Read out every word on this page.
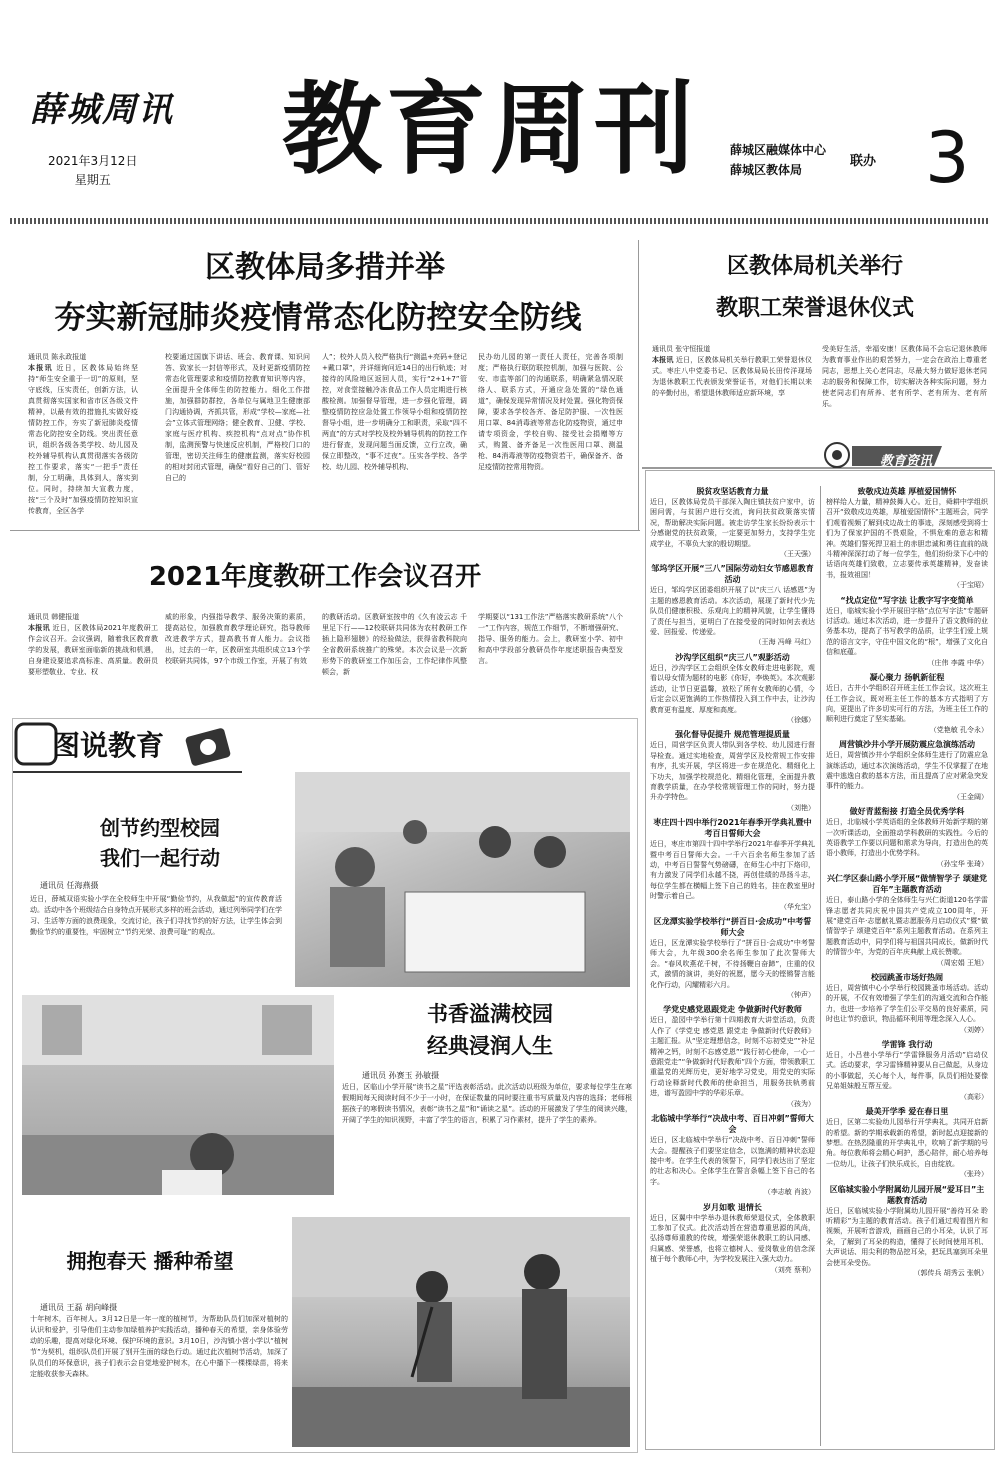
薛城周讯
2021年3月12日
星期五 教育周刊	薛城区融媒体中心
薛城区教体局
联办 3
区教体局多措并举
夯实新冠肺炎疫情常态化防控安全防线
通讯员 陈永政报道
本报讯 近日，区教体局始终坚持“师生安全重于一切”的原则，坚守底线，压实责任，创新方法，认真贯彻落实国家和省市区各级文件精神，以最有效的措施扎实做好疫情防控工作，夯实了新冠肺炎疫情常态化防控安全防线。突出责任意识，组织各级各类学校、幼儿园及校外辅导机构认真贯彻落实各级防控工作要求，落实“一把手”责任制，分工明确，具体到人，落实到位。同时，持续加大宣教力度，按“三个及时”加强疫情防控知识宣传教育，全区各学
校要通过国旗下讲话、班会、教育课、知识问答、致家长一封信等形式，及时更新疫情防控常态化管理要求和疫情防控教育知识等内容，全面提升全体师生的防控能力。细化工作措施，加强群防群控，各单位与属地卫生健康部门沟通协调，齐抓共管，形成“学校—家庭—社会”立体式管理网络；健全教育、卫健、学校、家庭与医疗机构、疾控机构“点对点”协作机制，监测预警与快速反应机制，严格校门口的管理，密切关注师生的健康监测，落实好校园的相对封闭式管理，确保“看好自己的门、管好自己的
人”；校外人员入校严格执行“测温+亮码+登记+戴口罩”，并详细询问近14日的出行轨迹；对接待的风险地区返回人员，实行“2+1+7”管控，对食堂接触冷冻食品工作人员定期进行核酸检测。加强督导管理，进一步强化管理，调整疫情防控应急处置工作领导小组和疫情防控督导小组，进一步明确分工和职责，采取“四不两直”的方式对学校及校外辅导机构的防控工作进行督查，发现问题当面反馈，立行立改，确保立即整改，“事不过夜”。压实各学校、各学校、幼儿园、校外辅导机构、
民办幼儿园的第一责任人责任，完善各项制度；严格执行联防联控机制，加强与医院、公安、市监等部门的沟通联系，明确紧急情况联络人、联系方式，开通应急处置的“绿色通道”，确保发现异常情况及时处置。强化物资保障，要求各学校各齐、备足防护服、一次性医用口罩、84消毒液等常态化防疫物资，通过申请专项资金，学校自购、接受社会捐赠等方式，购置、备齐备足一次性医用口罩、测温枪、84消毒液等防疫物资若干，确保备齐、备足疫情防控常用物资。
区教体局机关举行
教职工荣誉退休仪式
通讯员 张守恒报道
本报讯 近日，区教体局机关举行教职工荣誉退休仪式。枣庄八中党委书记、区教体局局长田传洋现场为退休教职工代表颁发荣誉证书，对他们长期以来的辛勤付出，希望退休教师适应新环境，享
受美好生活，幸福安康！区教体局不会忘记退休教师为教育事业作出的艰苦努力，一定会在政治上尊重老同志，思想上关心老同志，尽最大努力做好退休老同志的服务和保障工作，切实解决各种实际问题，努力使老同志们有所养、老有所学、老有所为、老有所乐。
教育资讯
脱贫攻坚话教育力量
近日，区教体局党员干部深入陶庄镇扶贫户家中，访困问需，与贫困户进行交流，询问扶贫政策落实情况，帮助解决实际问题。被走访学生家长纷纷表示十分感谢党的扶贫政策，一定要更加努力，支持学生完成学业，不辜负大家的殷切期望。
（王天强）
邹坞学区开展“三八”国际劳动妇女节感恩教育活动
近日，邹坞学区团委组织开展了以“庆三八 话感恩”为主题的感恩教育活动。本次活动，展现了新时代少先队员们健康积极、乐观向上的精神风貌，让学生懂得了责任与担当，更明白了在接受爱的同时如何去表达爱、回报爱、传递爱。
（王海 冯峰 马红）
沙沟学区组织“庆三八”观影活动
近日，沙沟学区工会组织全体女教师走进电影院，观看以母女情为题材的电影《你好，李焕英》。本次观影活动，让节日更温馨，放松了所有女教师的心情，今后定会以更饱满的工作热情投入到工作中去，让沙沟教育更有温度、厚度和高度。
（徐娜）
强化督导促提升 规范管理提质量
近日，周营学区负责人带队到各学校、幼儿园进行督导检查。通过实地检查，周营学区及校常规工作安排有序，扎实开展，学区将进一步在规范化、精细化上下功夫，加强学校规范化、精细化管理，全面提升教育教学质量，在办学校常规管理工作的同时，努力提升办学特色。
（刘艳）
枣庄四十四中举行2021年春季开学典礼暨中考百日誓师大会
近日，枣庄市第四十四中学举行2021年春季开学典礼暨中考百日誓师大会。一千六百余名师生参加了活动，中考百日誓誓气势磅礴，在师生心中打下烙印，有力激发了同学们永越不挠，再创佳绩的昂扬斗志，每位学生都在横幅上签下自己的姓名，挂在教室里时时警示着自己。
（华允宝）
区龙潭实验学校举行“拼百日·会成功”中考誓师大会
近日，区龙潭实验学校举行了“拼百日·会成功”中考誓师大会，九年级300余名师生参加了此次誓师大会。“春风吹燕花千树，不待扬鞭自奋蹄”，庄重的仪式，激情的演讲，美好的祝愿，愿今天的铿锵誓言能化作行动，闪耀精彩六月。
（钟声）
学党史感党恩跟党走 争做新时代好教师
近日，盈园中学举行第十四期教育大讲堂活动，负责人作了《学党史 感党恩 跟党走 争做新时代好教师》主题汇报。从“坚定理想信念，时刻不忘初党史”“补足精神之钙，时刻不忘感党恩”“践行初心使命，一心一意跟党走”“争做新时代好教师”四个方面，带领教职工重温党的光辉历史，更好地学习党史，用党史的实际行动诠释新时代教师的使命担当，用服务扶轨勇前进，谱写盈园中学的华彩乐章。
（孩为）
北临城中学举行“决战中考、百日冲刺”誓师大会
近日，区北临城中学举行“决战中考、百日冲刺”誓师大会。提醒孩子们要坚定信念，以饱满的精神状态迎接中考。在学生代表的领誓下，同学们表达出了坚定的壮志和决心。全体学生在誓言条幅上签下自己的名字。
（李志敏 肖波）
岁月如歌 退情长
近日，区翼中中学举办退休教师荣退仪式，全体教职工参加了仪式。此次活动旨在营造尊重思源的风尚，弘扬尊师重教的传统，增强荣退休教职工的认同感、归属感、荣誉感，也将立德树人、爱岗敬业的信念深植于每个教师心中，为学校发展注入强大动力。
（刘亮 蔡利）
致敬戍边英雄 厚植爱国情怀
榜样给人力量，精神鼓舞人心。近日，舜耕中学组织召开“致敬戍边英雄，厚植爱国情怀”主题班会，同学们观看视频了解到戍边战士的事迹，深刻感受到将士们为了保家护国的不畏艰险，不惧危难的意志和精神。英雄们誓死捍卫祖土的赤胆忠诚和勇往直前的战斗精神深深打动了每一位学生，他们纷纷录下心中的话语向英雄们致敬，立志要传承英雄精神，发奋读书，报效祖国！
（于宝昭）
“找点定位”写字法 让教字写字变简单
近日，临城实验小学开展田字格“点位写字法”专题研讨活动。通过本次活动，进一步提升了语文教师的业务基本功，提高了书写教学的品质，让学生们爱上规范的语言文字，守住中国文化的“根”，增强了文化自信和底蕴。
（庄伟 李霞 中华）
凝心聚力 扬帆新征程
近日，古井小学组织召开班主任工作会议，这次班主任工作会议，既对班主任工作的基本方式指明了方向，更提出了许多切实可行的方法，为班主任工作的顺利进行奠定了坚实基础。
（党艳敏 孔令永）
周营镇沙井小学开展防震应急演练活动
近日，周营镇沙井小学组织全体师生进行了防震应急演练活动，通过本次演练活动，学生不仅掌握了在地震中逃逸自救的基本方法，而且提高了应对紧急突发事件的能力。
（王金阔）
做好青蓝衔接 打造全员优秀学科
近日，北临城小学英语组的全体教师开始新学期的第一次听课活动，全面推动学科教研的实践性。今后的英语教学工作要以问题和需求为导向，打造出色的英语小教师，打造出小优势学科。
（孙宝华 张琦）
兴仁学区泰山路小学开展“做情智学子 颂建党百年”主题教育活动
近日，泰山路小学的全体师生与兴仁街道120名学雷锋志愿者共同庆祝中国共产党成立100周年，开展“建党百年·志愿献礼暨志愿服务月启动仪式”暨“做情智学子 颂建党百年”系列主题教育活动。在系列主题教育活动中，同学们将与祖国共同成长，做新时代的情智少年，为党的百年庆典献上成长赞歌。
（周宏娟 王旭）
校园跳蚤市场好热闹
近日，周营镇中心小学举行校园跳蚤市场活动。活动的开展，不仅有效增强了学生们的沟通交流和合作能力，也进一步培养了学生们公平交易的良好素质，同时也让节约意识，物品循环利用等理念深入人心。
（刘婷）
学雷锋 我行动
近日，小吕巷小学举行“学雷锋服务月活动”启动仪式。活动要求，学习雷锋精神要从自己做起，从身边的小事做起，关心每个人，每件事，队员们相处要像兄弟姐妹般互帮互爱。
（高彩）
最美开学季 爱在春日里
近日，区第二实验幼儿园举行开学典礼，共同开启新的希望。新的学期承载新的希望，新时起点迎接新的梦想。在热烈隆重的开学典礼中，吹响了新学期的号角。每位教师将会精心呵护，悉心陪伴，耐心培养每一位幼儿，让孩子们快乐成长，自由绽放。
（张玲）
区临城实验小学附属幼儿园开展“爱耳日”主题教育活动
近日，区临城实验小学附属幼儿园开展“善待耳朵 聆听精彩”为主题的教育活动。孩子们通过观看图片和视频，开展听音游戏，画画自己的小耳朵，认识了耳朵，了解到了耳朵的构造，懂得了长时间使用耳机、大声说话、用尖利的物品挖耳朵，把玩具塞到耳朵里会使耳朵受伤。
（郭传兵 胡秀云 张帆）
2021年度教研工作会议召开
通讯员 韩健报道
本报讯 近日，区教体局2021年度教研工作会议召开。会议强调，随着我区教育教学的发展，教研室面临新的挑战和机遇，自身建设要追求高标准、高质量。教研员要形塑敬业、专业、权
威的形象，内强指导教学、服务决策的素质，提高站位，加强教育教学理论研究，指导教师改进教学方式，提高教书育人能力。会议指出，过去的一年，区教研室共组织成立13个学校联研共同体，97个市级工作室，开展了有效
的教研活动。区教研室按申的《久有凌云志 千里足下行——12校联研共同体为农村教研工作插上隐形翅膀》的经验做法，获得省教科院向全省教研系统推广的殊荣。本次会议是一次新形势下的教研室工作加压会，工作纪律作风整顿会，新
学期要以“131工作法”严格落实教研系统“八个一”工作内容，规范工作细节，不断增强研究、指导、服务的能力。会上，教研室小学、初中和高中学段部分教研员作年度述职报告典型发言。
图说教育
创节约型校园
我们一起行动
通讯员 任海燕摄
近日，薛城双语实验小学在全校师生中开展“勤俭节约，从我做起”的宣传教育活动。活动中各个班级结合自身特点开展形式多样的班会活动，通过列举同学们在学习、生活等方面的浪费现象，交流讨论，孩子们寻找节约的好方法，让学生体会到勤俭节约的重要性，牢固树立“节约光荣、浪费可耻”的观点。
书香溢满校园
经典浸润人生
通讯员 孙赛玉 孙敏摄
近日，区临山小学开展“读书之星”评选表彰活动。此次活动以班级为单位，要求每位学生在寒假期间每天阅读时间不少于一小时，在保证数量的同时要注重书写质量及内容的选择；老师根据孩子的寒假读书情况，表彰“读书之星”和“诵读之星”。活动的开展激发了学生的阅读兴趣，开阔了学生的知识视野，丰富了学生的语言，积累了习作素材，提升了学生的素养。
拥抱春天 播种希望
通讯员 王磊 胡向峰摄
十年树木，百年树人。3月12日是一年一度的植树节，为帮助队员们加深对植树的认识和爱护，引导他们主动参加绿植养护实践活动，播种春天的希望，亲身体验劳动的乐趣，提高对绿化环境、保护环境的意识。3月10日，沙沟镇小营小学以“植树节”为契机，组织队员们开展了别开生面的绿色行动。通过此次植树节活动，加深了队员们的环保意识，孩子们表示会自觉地爱护树木，在心中播下一棵棵绿苗，将来定能收获参天森林。
